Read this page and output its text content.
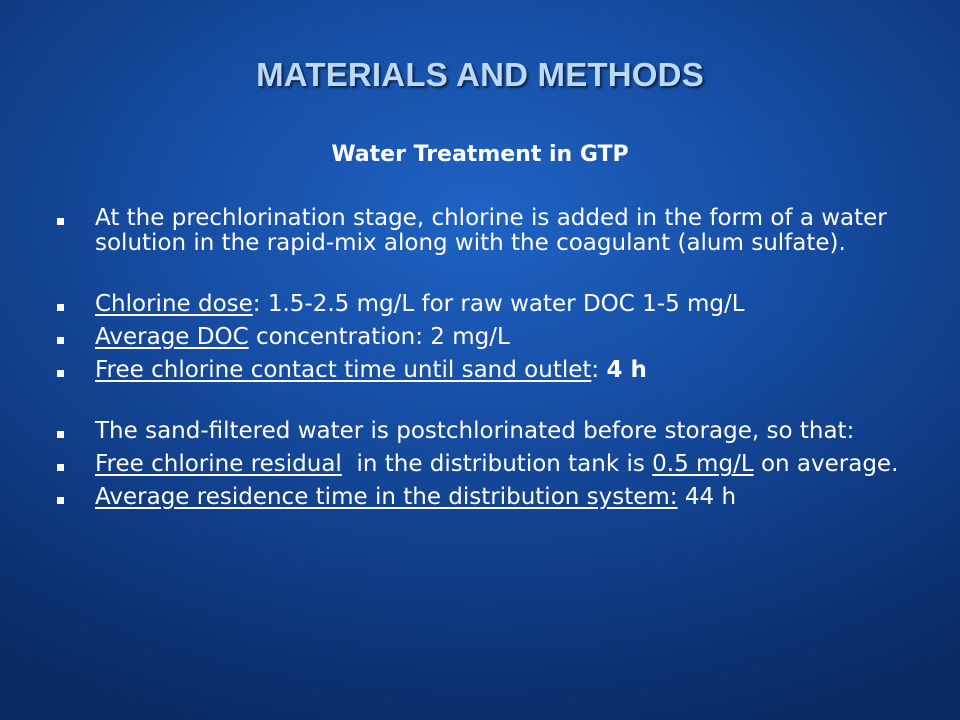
MATERIALS AND METHODS
Water Treatment in GTP
At the prechlorination stage, chlorine is added in the form of a water solution in the rapid-mix along with the coagulant (alum sulfate).
Chlorine dose: 1.5-2.5 mg/L for raw water DOC 1-5 mg/L
Average DOC concentration: 2 mg/L
Free chlorine contact time until sand outlet: 4 h
The sand-filtered water is postchlorinated before storage, so that:
Free chlorine residual  in the distribution tank is 0.5 mg/L on average.
Average residence time in the distribution system: 44 h
